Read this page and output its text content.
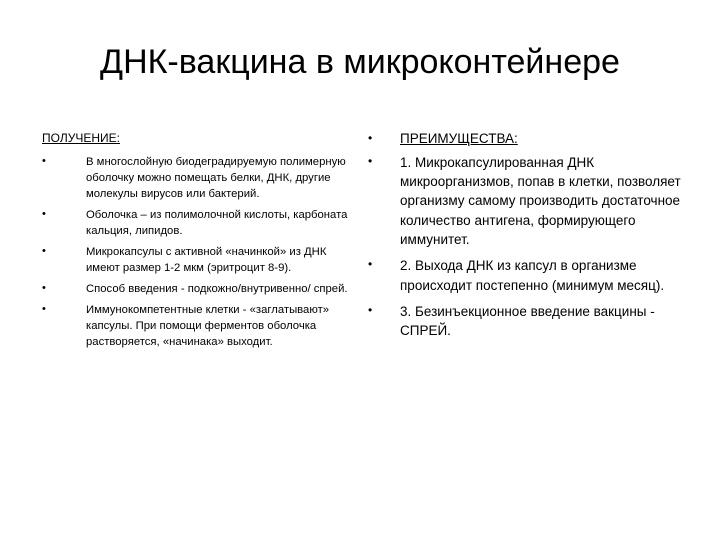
ДНК-вакцина в микроконтейнере
ПОЛУЧЕНИЕ:
•	В многослойную биодеградируемую полимерную оболочку можно помещать белки, ДНК, другие молекулы вирусов или бактерий.
•	Оболочка – из полимолочной кислоты, карбоната кальция, липидов.
•	Микрокапсулы с активной «начинкой» из ДНК имеют размер 1-2 мкм (эритроцит 8-9).
•	Способ введения - подкожно/внутривенно/ спрей.
•	Иммунокомпетентные клетки - «заглатывают» капсулы. При помощи ферментов оболочка растворяется, «начинака» выходит.
• ПРЕИМУЩЕСТВА:
• 1. Микрокапсулированная ДНК микроорганизмов, попав в клетки, позволяет организму самому производить достаточное количество антигена, формирующего иммунитет.
• 2. Выхода ДНК из капсул в организме происходит постепенно (минимум месяц).
• 3. Безинъекционное введение вакцины - СПРЕЙ.
